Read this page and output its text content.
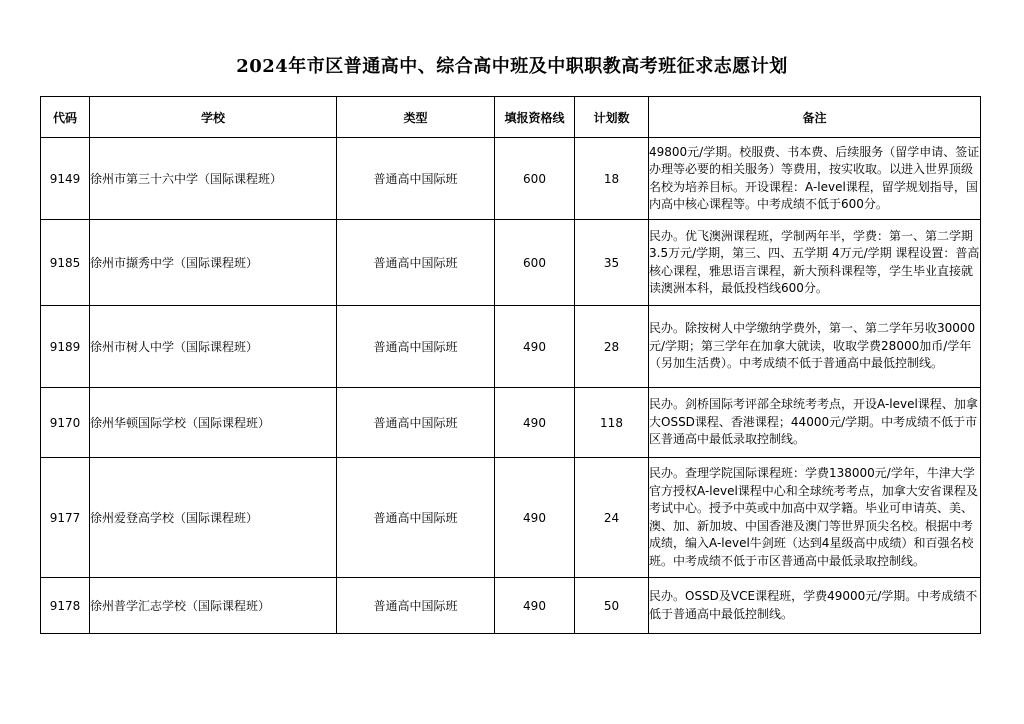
2024年市区普通高中、综合高中班及中职职教高考班征求志愿计划
代码	学校	类型	填报资格线	计划数	备注
9149	徐州市第三十六中学（国际课程班）	普通高中国际班	600	18	49800元/学期。校服费、书本费、后续服务（留学申请、签证办理等必要的相关服务）等费用，按实收取。以进入世界顶级名校为培养目标。开设课程：A-level课程，留学规划指导，国内高中核心课程等。中考成绩不低于600分。
9185	徐州市撷秀中学（国际课程班）	普通高中国际班	600	35	民办。优飞澳洲课程班，学制两年半，学费：第一、第二学期3.5万元/学期，第三、四、五学期 4万元/学期 课程设置：普高核心课程，雅思语言课程，新大预科课程等，学生毕业直接就读澳洲本科，最低投档线600分。
9189	徐州市树人中学（国际课程班）	普通高中国际班	490	28	民办。除按树人中学缴纳学费外，第一、第二学年另收30000元/学期；第三学年在加拿大就读，收取学费28000加币/学年（另加生活费）。中考成绩不低于普通高中最低控制线。
9170	徐州华顿国际学校（国际课程班）	普通高中国际班	490	118	民办。剑桥国际考评部全球统考考点，开设A-level课程、加拿大OSSD课程、香港课程；44000元/学期。中考成绩不低于市区普通高中最低录取控制线。
9177	徐州爱登高学校（国际课程班）	普通高中国际班	490	24	民办。查理学院国际课程班：学费138000元/学年，牛津大学官方授权A-level课程中心和全球统考考点，加拿大安省课程及考试中心。授予中英或中加高中双学籍。毕业可申请英、美、澳、加、新加坡、中国香港及澳门等世界顶尖名校。根据中考成绩，编入A-level牛剑班（达到4星级高中成绩）和百强名校班。中考成绩不低于市区普通高中最低录取控制线。
9178	徐州普学汇志学校（国际课程班）	普通高中国际班	490	50	民办。OSSD及VCE课程班，学费49000元/学期。中考成绩不低于普通高中最低控制线。
